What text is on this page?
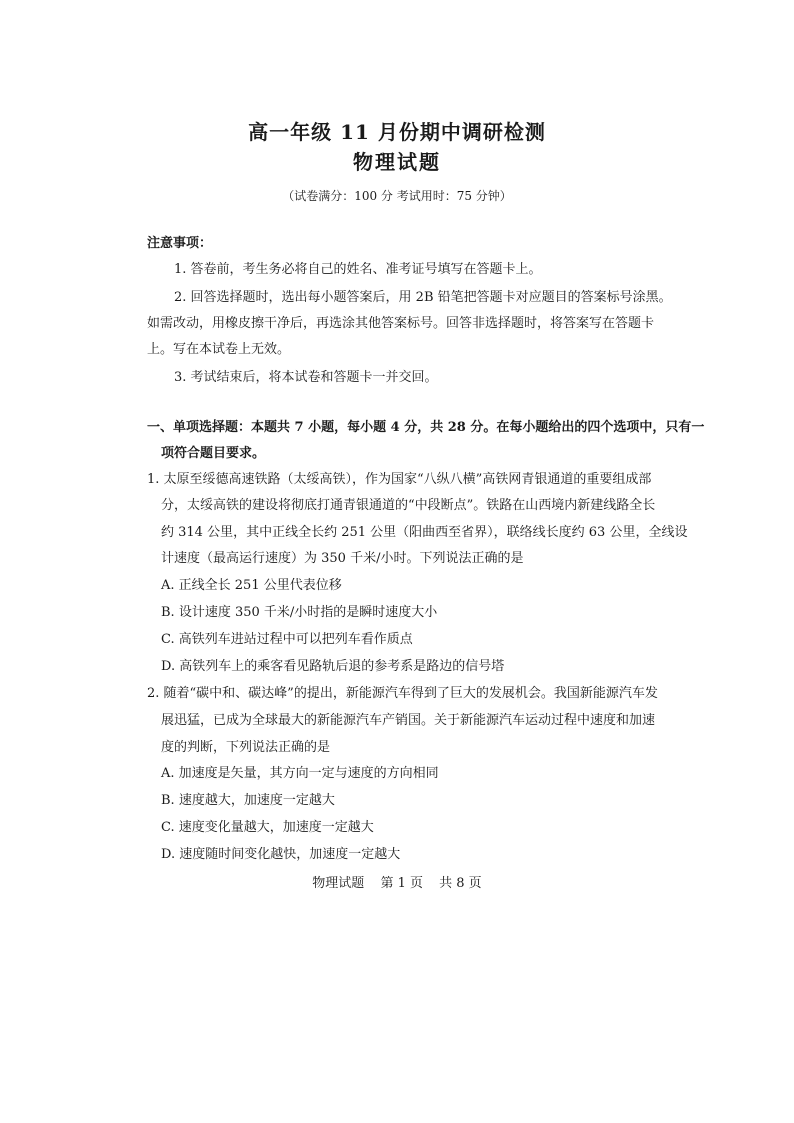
高一年级 11 月份期中调研检测
物理试题
（试卷满分：100 分 考试用时：75 分钟）
注意事项：
1. 答卷前，考生务必将自己的姓名、准考证号填写在答题卡上。
2. 回答选择题时，选出每小题答案后，用 2B 铅笔把答题卡对应题目的答案标号涂黑。
如需改动，用橡皮擦干净后，再选涂其他答案标号。回答非选择题时，将答案写在答题卡
上。写在本试卷上无效。
3. 考试结束后，将本试卷和答题卡一并交回。
一、单项选择题：本题共 7 小题，每小题 4 分，共 28 分。在每小题给出的四个选项中，只有一
项符合题目要求。
1. 太原至绥德高速铁路（太绥高铁），作为国家“八纵八横”高铁网青银通道的重要组成部
分，太绥高铁的建设将彻底打通青银通道的“中段断点”。铁路在山西境内新建线路全长
约 314 公里，其中正线全长约 251 公里（阳曲西至省界），联络线长度约 63 公里，全线设
计速度（最高运行速度）为 350 千米/小时。下列说法正确的是
A. 正线全长 251 公里代表位移
B. 设计速度 350 千米/小时指的是瞬时速度大小
C. 高铁列车进站过程中可以把列车看作质点
D. 高铁列车上的乘客看见路轨后退的参考系是路边的信号塔
2. 随着“碳中和、碳达峰”的提出，新能源汽车得到了巨大的发展机会。我国新能源汽车发
展迅猛，已成为全球最大的新能源汽车产销国。关于新能源汽车运动过程中速度和加速
度的判断，下列说法正确的是
A. 加速度是矢量，其方向一定与速度的方向相同
B. 速度越大，加速度一定越大
C. 速度变化量越大，加速度一定越大
D. 速度随时间变化越快，加速度一定越大
物理试题 第 1 页 共 8 页
